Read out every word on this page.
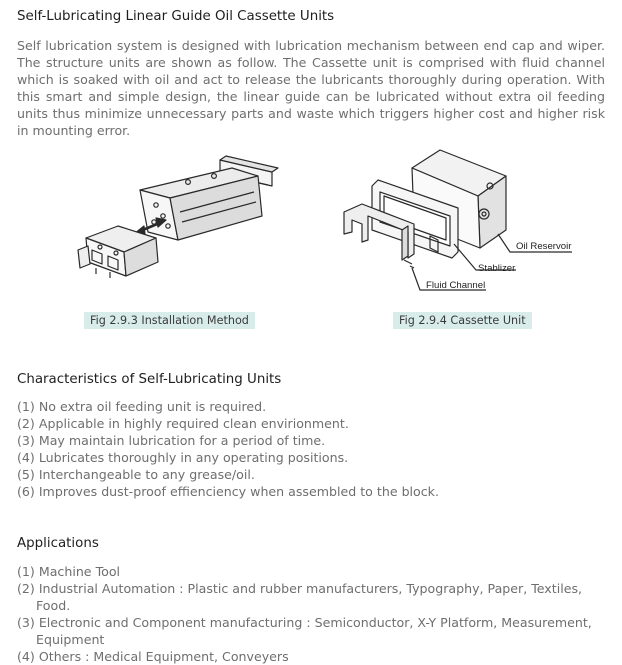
Self-Lubricating Linear Guide Oil Cassette Units
Self lubrication system is designed with lubrication mechanism between end cap and wiper. The structure units are shown as follow. The Cassette unit is comprised with fluid channel which is soaked with oil and act to release the lubricants thoroughly during operation. With this smart and simple design, the linear guide can be lubricated without extra oil feeding units thus minimize unnecessary parts and waste which triggers higher cost and higher risk in mounting error.
Oil Reservoir
Stablizer
Fluid Channel
Fig 2.9.3 Installation Method	Fig 2.9.4 Cassette Unit
Characteristics of Self-Lubricating Units
(1) No extra oil feeding unit is required.
(2) Applicable in highly required clean envirionment.
(3) May maintain lubrication for a period of time.
(4) Lubricates thoroughly in any operating positions.
(5) Interchangeable to any grease/oil.
(6) Improves dust-proof effienciency when assembled to the block.
Applications
(1) Machine Tool
(2) Industrial Automation : Plastic and rubber manufacturers, Typography, Paper, Textiles, Food.
(3) Electronic and Component manufacturing : Semiconductor, X-Y Platform, Measurement, Equipment
(4) Others : Medical Equipment, Conveyers
